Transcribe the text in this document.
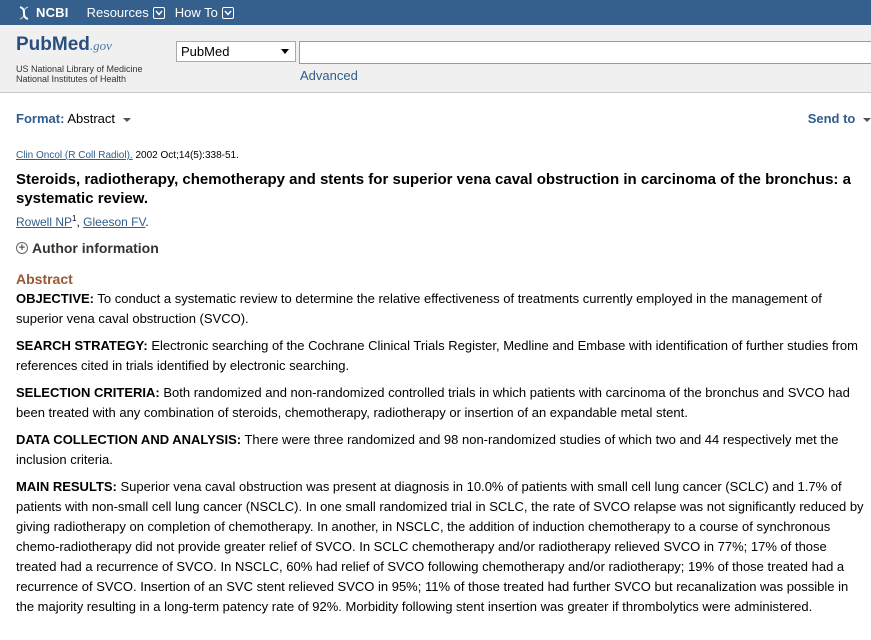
NCBI Resources How To
PubMed.gov
US National Library of Medicine
National Institutes of Health
PubMed
Advanced
Format: Abstract	Send to
Clin Oncol (R Coll Radiol). 2002 Oct;14(5):338-51.
Steroids, radiotherapy, chemotherapy and stents for superior vena caval obstruction in carcinoma of the bronchus: a systematic review.
Rowell $NP^1$, Gleeson FV.
+ Author information
Abstract

OBJECTIVE: To conduct a systematic review to determine the relative effectiveness of treatments currently employed in the management of superior vena caval obstruction (SVCO).

SEARCH STRATEGY: Electronic searching of the Cochrane Clinical Trials Register, Medline and Embase with identification of further studies from references cited in trials identified by electronic searching.

SELECTION CRITERIA: Both randomized and non-randomized controlled trials in which patients with carcinoma of the bronchus and SVCO had been treated with any combination of steroids, chemotherapy, radiotherapy or insertion of an expandable metal stent.

DATA COLLECTION AND ANALYSIS: There were three randomized and 98 non-randomized studies of which two and 44 respectively met the inclusion criteria.

MAIN RESULTS: Superior vena caval obstruction was present at diagnosis in 10.0% of patients with small cell lung cancer (SCLC) and 1.7% of patients with non-small cell lung cancer (NSCLC). In one small randomized trial in SCLC, the rate of SVCO relapse was not significantly reduced by giving radiotherapy on completion of chemotherapy. In another, in NSCLC, the addition of induction chemotherapy to a course of synchronous chemo-radiotherapy did not provide greater relief of SVCO. In SCLC chemotherapy and/or radiotherapy relieved SVCO in 77%; 17% of those treated had a recurrence of SVCO. In NSCLC, 60% had relief of SVCO following chemotherapy and/or radiotherapy; 19% of those treated had a recurrence of SVCO. Insertion of an SVC stent relieved SVCO in 95%; 11% of those treated had further SVCO but recanalization was possible in the majority resulting in a long-term patency rate of 92%. Morbidity following stent insertion was greater if thrombolytics were administered.
